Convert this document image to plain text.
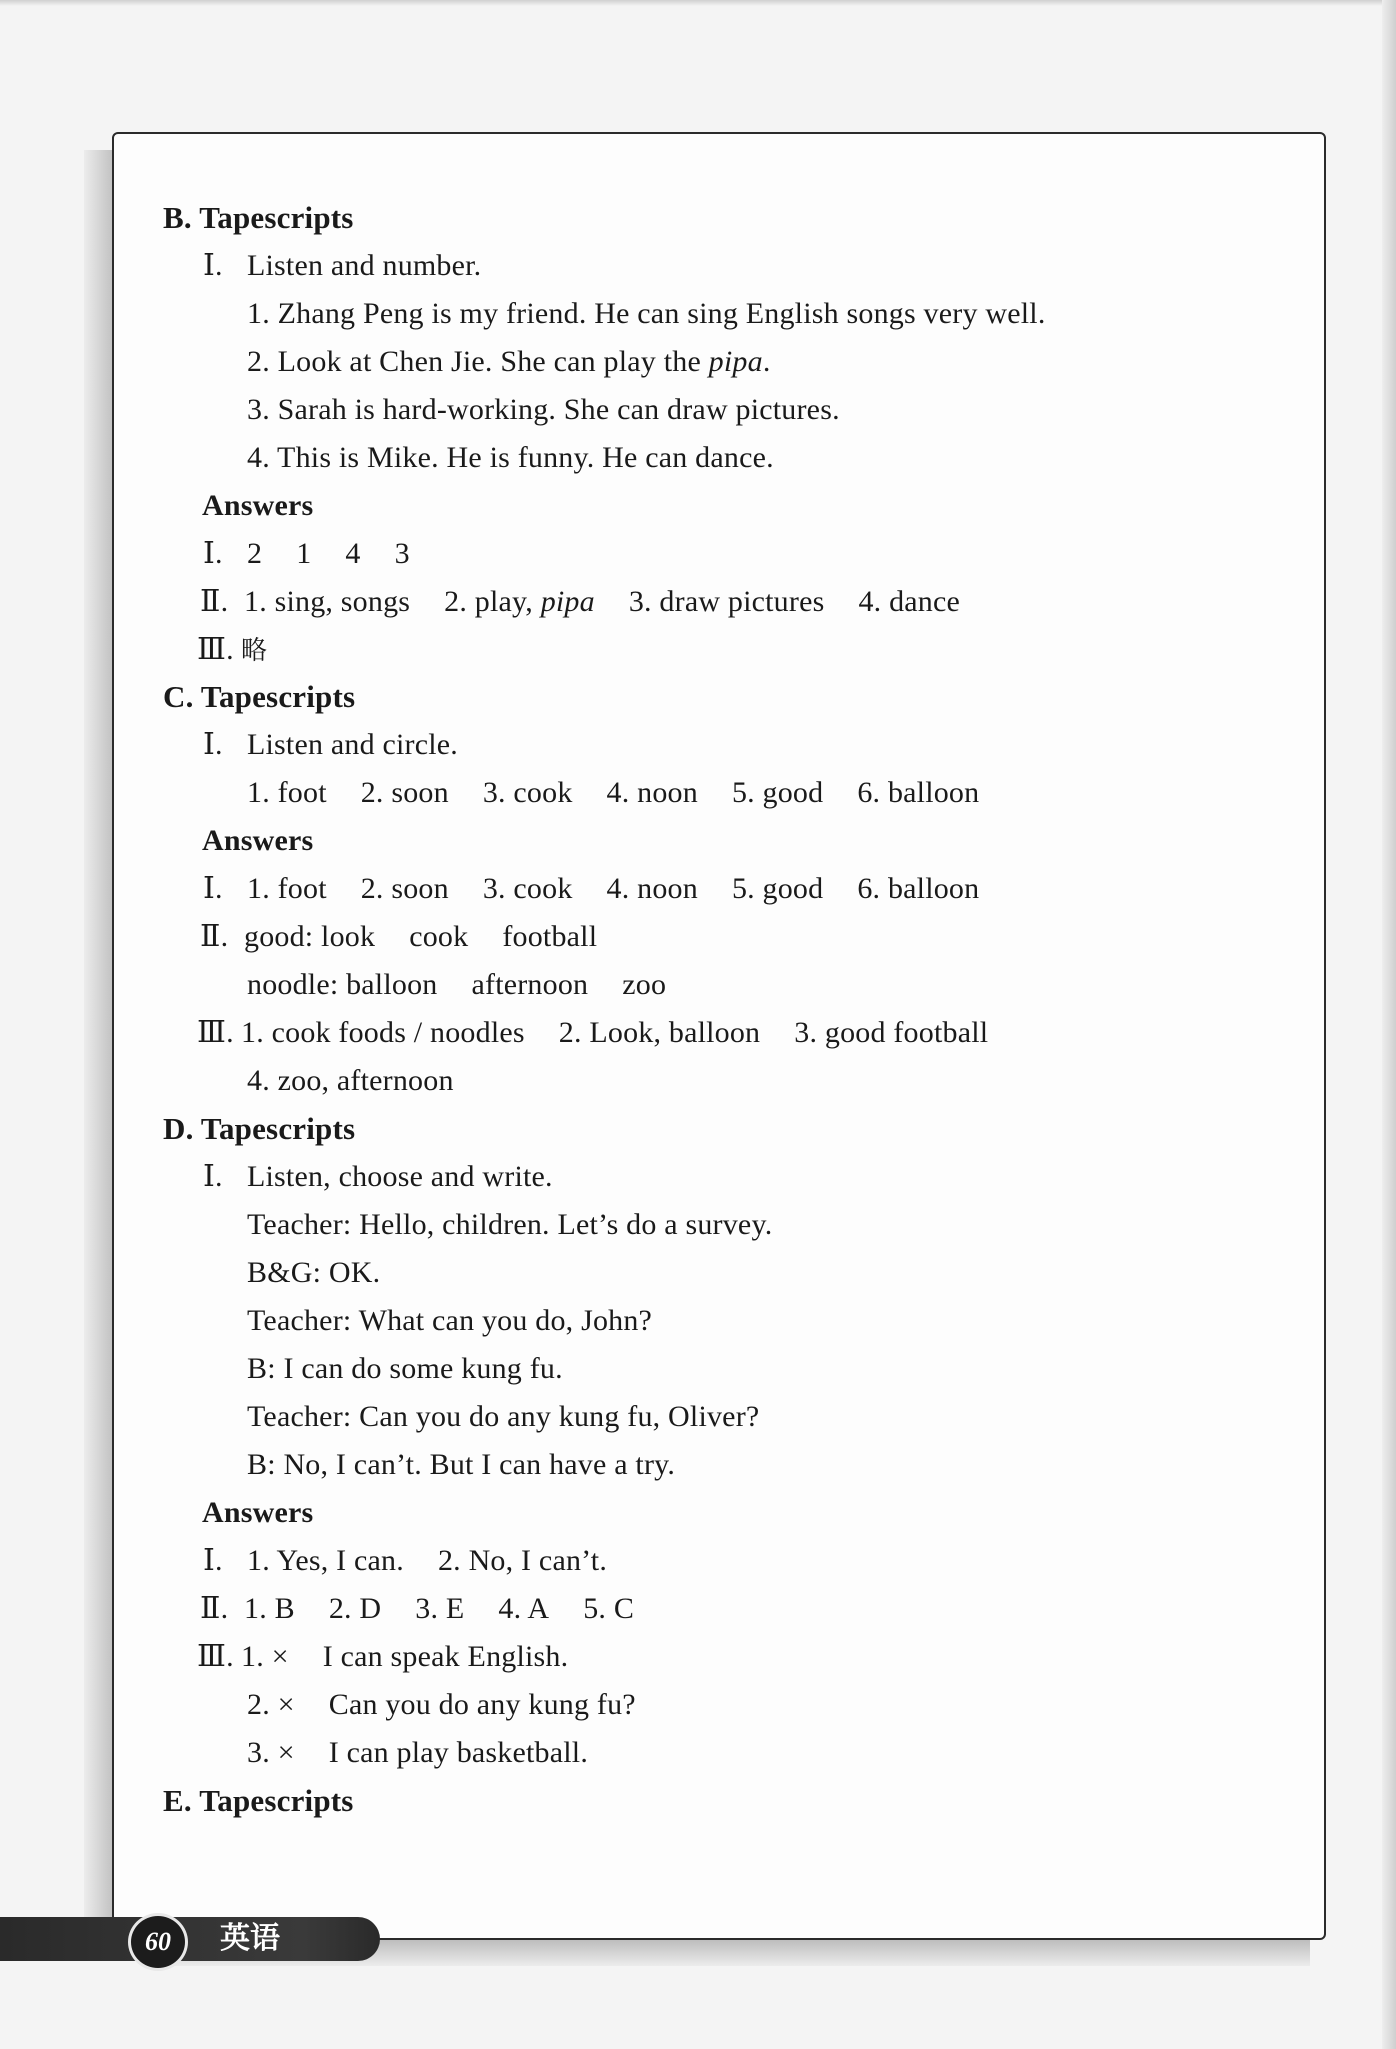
B. Tapescripts
Ⅰ. Listen and number.
1. Zhang Peng is my friend. He can sing English songs very well.
2. Look at Chen Jie. She can play the pipa.
3. Sarah is hard-working. She can draw pictures.
4. This is Mike. He is funny. He can dance.
Answers
Ⅰ. 2 1 4 3
Ⅱ. 1. sing, songs 2. play, pipa 3. draw pictures 4. dance
Ⅲ. 略
C. Tapescripts
Ⅰ. Listen and circle.
1. foot 2. soon 3. cook 4. noon 5. good 6. balloon
Answers
Ⅰ. 1. foot 2. soon 3. cook 4. noon 5. good 6. balloon
Ⅱ. good: look cook football
noodle: balloon afternoon zoo
Ⅲ. 1. cook foods / noodles 2. Look, balloon 3. good football
4. zoo, afternoon
D. Tapescripts
Ⅰ. Listen, choose and write.
Teacher: Hello, children. Let’s do a survey.
B&G: OK.
Teacher: What can you do, John?
B: I can do some kung fu.
Teacher: Can you do any kung fu, Oliver?
B: No, I can’t. But I can have a try.
Answers
Ⅰ. 1. Yes, I can. 2. No, I can’t.
Ⅱ. 1. B 2. D 3. E 4. A 5. C
Ⅲ. 1. × I can speak English.
2. × Can you do any kung fu?
3. × I can play basketball.
E. Tapescripts
60	英语
